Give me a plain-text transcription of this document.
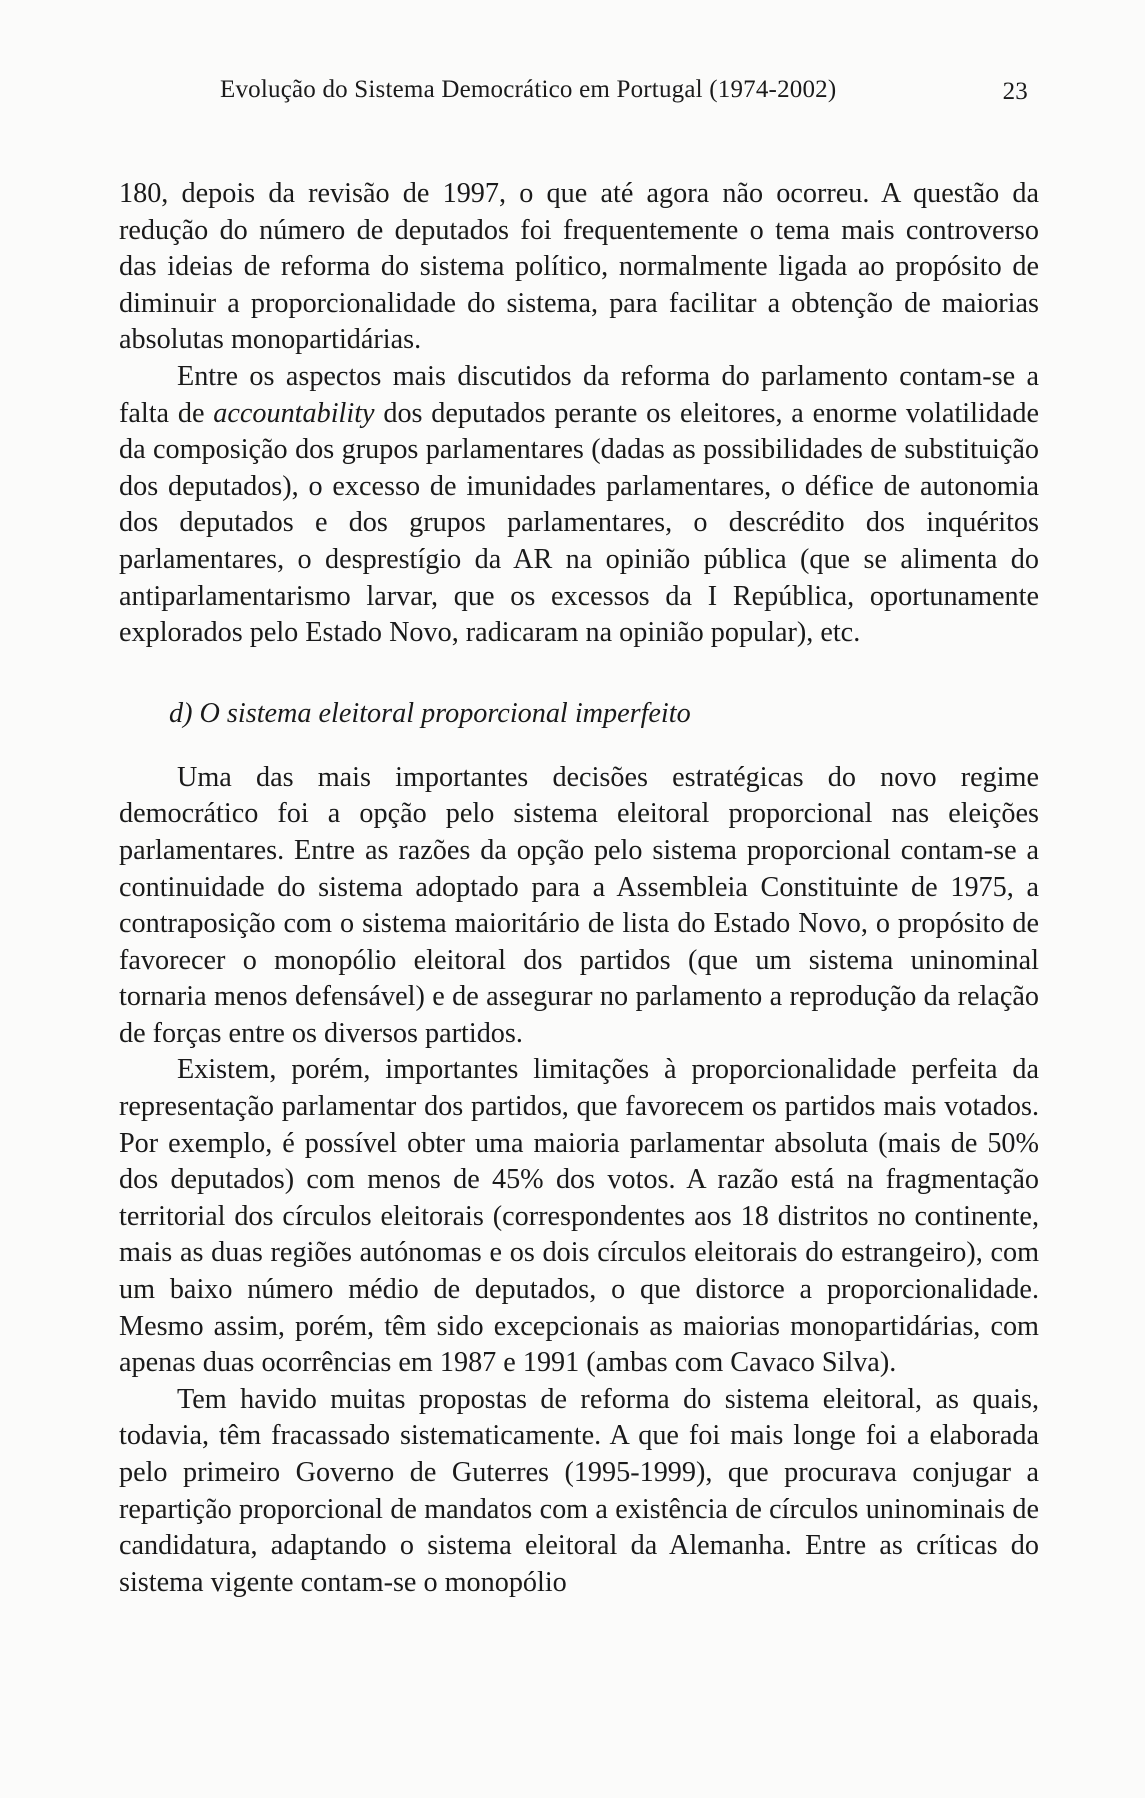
Evolução do Sistema Democrático em Portugal (1974-2002)	23

180, depois da revisão de 1997, o que até agora não ocorreu. A questão da redução do número de deputados foi frequentemente o tema mais controverso das ideias de reforma do sistema político, normalmente ligada ao propósito de diminuir a proporcionalidade do sistema, para facilitar a obtenção de maiorias absolutas monopartidárias.

Entre os aspectos mais discutidos da reforma do parlamento contam-se a falta de accountability dos deputados perante os eleitores, a enorme volatilidade da composição dos grupos parlamentares (dadas as possibilidades de substituição dos deputados), o excesso de imunidades parlamentares, o défice de autonomia dos deputados e dos grupos parlamentares, o descrédito dos inquéritos parlamentares, o desprestígio da AR na opinião pública (que se alimenta do antiparlamentarismo larvar, que os excessos da I República, oportunamente explorados pelo Estado Novo, radicaram na opinião popular), etc.

d) O sistema eleitoral proporcional imperfeito

Uma das mais importantes decisões estratégicas do novo regime democrático foi a opção pelo sistema eleitoral proporcional nas eleições parlamentares. Entre as razões da opção pelo sistema proporcional contam-se a continuidade do sistema adoptado para a Assembleia Constituinte de 1975, a contraposição com o sistema maioritário de lista do Estado Novo, o propósito de favorecer o monopólio eleitoral dos partidos (que um sistema uninominal tornaria menos defensável) e de assegurar no parlamento a reprodução da relação de forças entre os diversos partidos.

Existem, porém, importantes limitações à proporcionalidade perfeita da representação parlamentar dos partidos, que favorecem os partidos mais votados. Por exemplo, é possível obter uma maioria parlamentar absoluta (mais de 50% dos deputados) com menos de 45% dos votos. A razão está na fragmentação territorial dos círculos eleitorais (correspondentes aos 18 distritos no continente, mais as duas regiões autónomas e os dois círculos eleitorais do estrangeiro), com um baixo número médio de deputados, o que distorce a proporcionalidade. Mesmo assim, porém, têm sido excepcionais as maiorias monopartidárias, com apenas duas ocorrências em 1987 e 1991 (ambas com Cavaco Silva).

Tem havido muitas propostas de reforma do sistema eleitoral, as quais, todavia, têm fracassado sistematicamente. A que foi mais longe foi a elaborada pelo primeiro Governo de Guterres (1995-1999), que procurava conjugar a repartição proporcional de mandatos com a existência de círculos uninominais de candidatura, adaptando o sistema eleitoral da Alemanha. Entre as críticas do sistema vigente contam-se o monopólio
